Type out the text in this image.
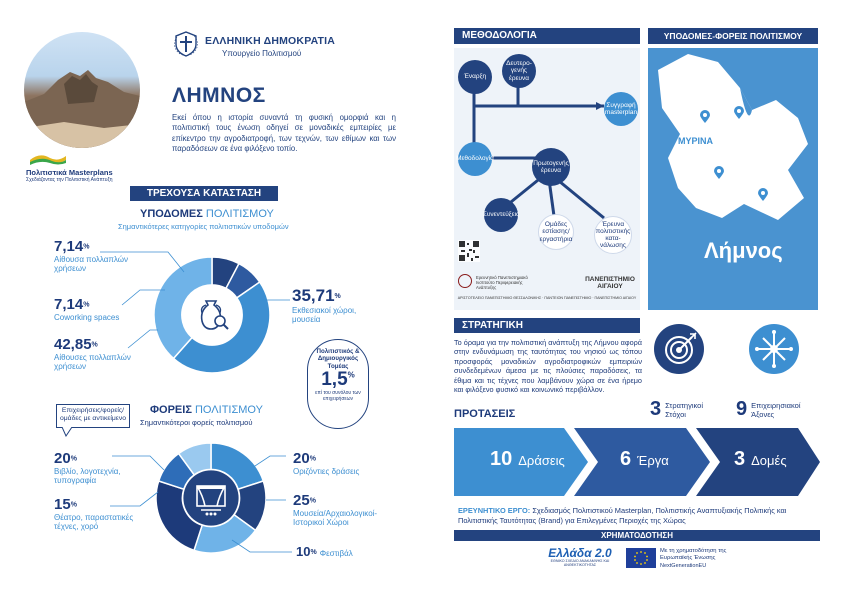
Πολιτιστικά Masterplans
Σχεδιάζοντας την Πολιτιστική Ανάπτυξη
ΕΛΛΗΝΙΚΗ ΔΗΜΟΚΡΑΤΙΑ
Υπουργείο Πολιτισμού
ΛΗΜΝΟΣ
Εκεί όπου η ιστορία συναντά τη φυσική ομορφιά και η πολιτιστική τους ένωση οδηγεί σε μοναδικές εμπειρίες με επίκεντρο την αγροδιατροφή, των τεχνών, των εθίμων και των παραδόσεων σε ένα φιλόξενο τοπίο.
ΤΡΕΧΟΥΣΑ ΚΑΤΑΣΤΑΣΗ
ΥΠΟΔΟΜΕΣ ΠΟΛΙΤΙΣΜΟΥ
Σημαντικότερες κατηγορίες πολιτιστικών υποδομών
7,14%
Αίθουσα πολλαπλών χρήσεων
7,14%
Coworking spaces
42,85%
Αίθουσες πολλαπλών χρήσεων
35,71%
Εκθεσιακοί χώροι, μουσεία
Πολιτιστικός & Δημιουργικός Τομέας
1,5%
επί του συνόλου των επιχειρήσεων
ΦΟΡΕΙΣ ΠΟΛΙΤΙΣΜΟΥ
Σημαντικότεροι φορείς πολιτισμού
Επιχειρήσεις/φορείς/ ομάδες με αντικείμενο
20%
Βιβλίο, λογοτεχνία, τυπογραφία
15%
Θέατρο, παραστατικές τέχνες, χορό
20%
Οριζόντιες δράσεις
25%
Μουσεία/Αρχαιολογικοί- Ιστορικοί Χώροι
10% Φεστιβάλ
ΜΕΘΟΔΟΛΟΓΙΑ
Έναρξη
Δευτερο-γενής έρευνα
Συγγραφή masterplan
Μεθοδολογία
Πρωτογενής έρευνα
Συνεντεύξεις
Ομάδες εστίασης/ εργαστήρια
Έρευνα πολιτιστικής κατα-νάλωσης
Ερευνητικό Πανεπιστημιακό Ινστιτούτο Περιφερειακής Ανάπτυξης
ΠΑΝΕΠΙΣΤΗΜΙΟ ΑΙΓΑΙΟΥ
ΑΡΙΣΤΟΤΕΛΕΙΟ ΠΑΝΕΠΙΣΤΗΜΙΟ ΘΕΣΣΑΛΟΝΙΚΗΣ · ΠΑΝΤΕΙΟΝ ΠΑΝΕΠΙΣΤΗΜΙΟ · ΠΑΝΕΠΙΣΤΗΜΙΟ ΑΙΓΑΙΟΥ
ΥΠΟΔΟΜΕΣ-ΦΟΡΕΙΣ ΠΟΛΙΤΙΣΜΟΥ
ΜΥΡΙΝΑ
Λήμνος
ΣΤΡΑΤΗΓΙΚΗ
Το όραμα για την πολιτιστική ανάπτυξη της Λήμνου αφορά στην ενδυνάμωση της ταυτότητας του νησιού ως τόπου προσφοράς μοναδικών αγροδιατροφικών εμπειριών συνδεδεμένων άμεσα με τις πλούσιες παραδόσεις, τα έθιμα και τις τέχνες που λαμβάνουν χώρα σε ένα ήρεμο και φιλόξενο φυσικό και κοινωνικό περιβάλλον.
3 Στρατηγικοί Στόχοι	9 Επιχειρησιακοί Άξονες
ΠΡΟΤΑΣΕΙΣ
10 Δράσεις	6 Έργα	3 Δομές
ΕΡΕΥΝΗΤΙΚΟ ΕΡΓΟ: Σχεδιασμός Πολιτιστικού Masterplan, Πολιτιστικής Αναπτυξιακής Πολιτικής και Πολιτιστικής Ταυτότητας (Brand) για Επιλεγμένες Περιοχές της Χώρας
ΧΡΗΜΑΤΟΔΟΤΗΣΗ
Ελλάδα 2.0
ΕΘΝΙΚΟ ΣΧΕΔΙΟ ΑΝΑΚΑΜΨΗΣ ΚΑΙ ΑΝΘΕΚΤΙΚΟΤΗΤΑΣ
Με τη χρηματοδότηση της Ευρωπαϊκής Ένωσης
NextGenerationEU
